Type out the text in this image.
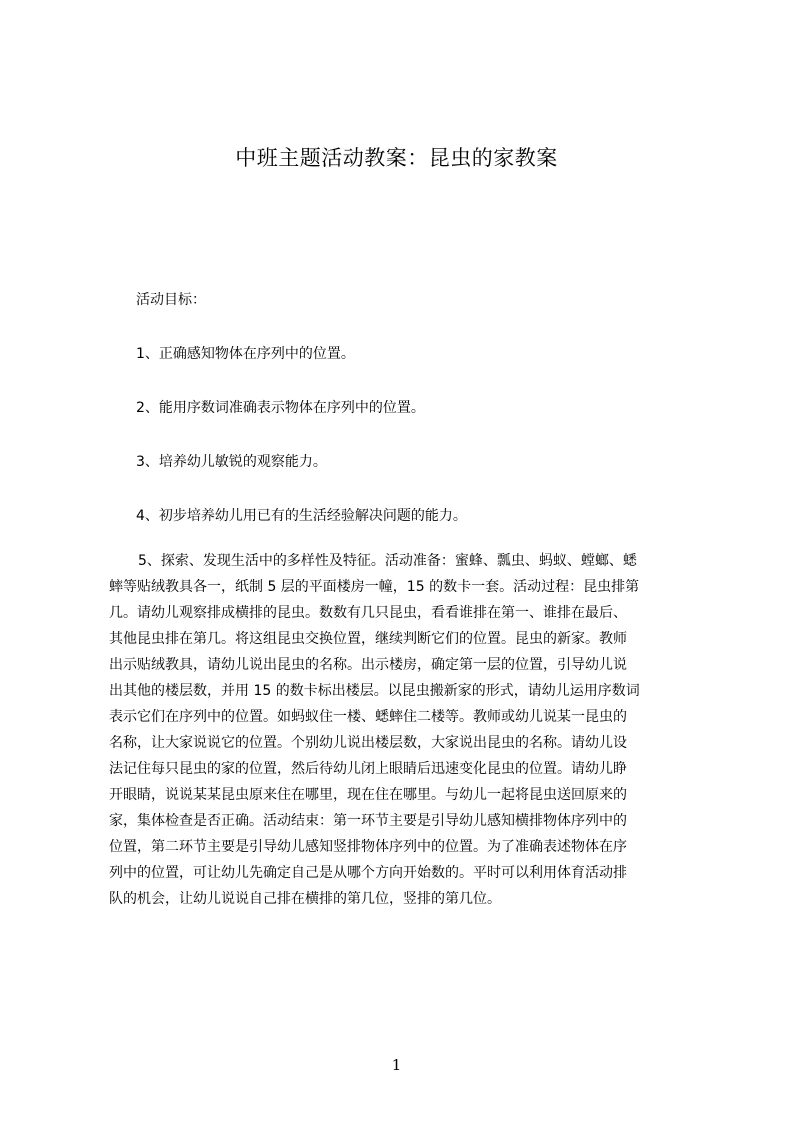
中班主题活动教案：昆虫的家教案
活动目标：
1、正确感知物体在序列中的位置。
2、能用序数词准确表示物体在序列中的位置。
3、培养幼儿敏锐的观察能力。
4、初步培养幼儿用已有的生活经验解决问题的能力。
5、探索、发现生活中的多样性及特征。活动准备：蜜蜂、瓢虫、蚂蚁、螳螂、蟋
蟀等贴绒教具各一，纸制 5 层的平面楼房一幢，15 的数卡一套。活动过程：昆虫排第
几。请幼儿观察排成横排的昆虫。数数有几只昆虫，看看谁排在第一、谁排在最后、
其他昆虫排在第几。将这组昆虫交换位置，继续判断它们的位置。昆虫的新家。教师
出示贴绒教具，请幼儿说出昆虫的名称。出示楼房，确定第一层的位置，引导幼儿说
出其他的楼层数，并用 15 的数卡标出楼层。以昆虫搬新家的形式，请幼儿运用序数词
表示它们在序列中的位置。如蚂蚁住一楼、蟋蟀住二楼等。教师或幼儿说某一昆虫的
名称，让大家说说它的位置。个别幼儿说出楼层数，大家说出昆虫的名称。请幼儿设
法记住每只昆虫的家的位置，然后待幼儿闭上眼睛后迅速变化昆虫的位置。请幼儿睁
开眼睛，说说某某昆虫原来住在哪里，现在住在哪里。与幼儿一起将昆虫送回原来的
家，集体检查是否正确。活动结束：第一环节主要是引导幼儿感知横排物体序列中的
位置，第二环节主要是引导幼儿感知竖排物体序列中的位置。为了准确表述物体在序
列中的位置，可让幼儿先确定自己是从哪个方向开始数的。平时可以利用体育活动排
队的机会，让幼儿说说自己排在横排的第几位，竖排的第几位。
1
